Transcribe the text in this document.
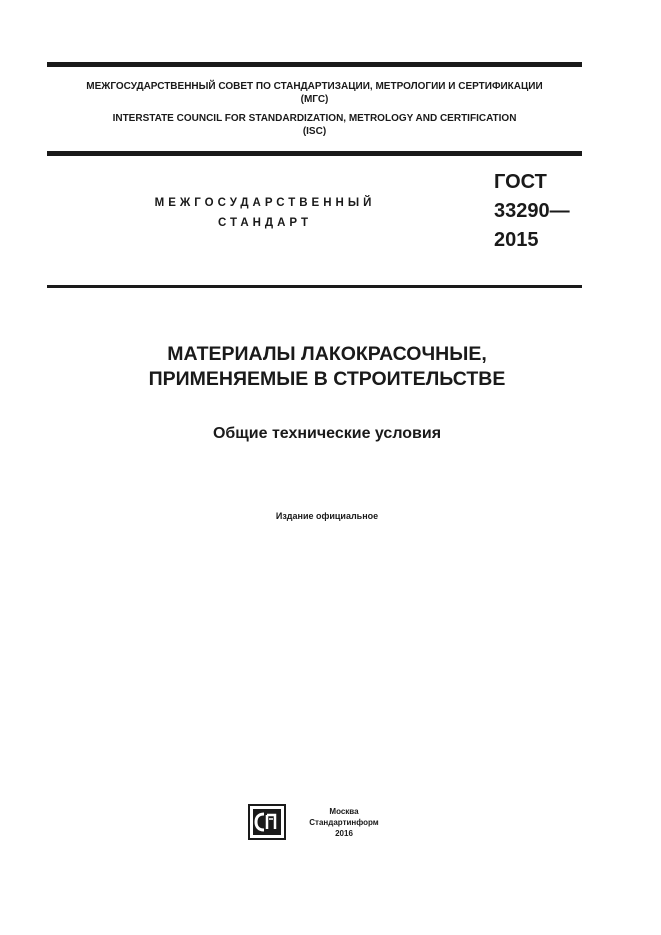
МЕЖГОСУДАРСТВЕННЫЙ СОВЕТ ПО СТАНДАРТИЗАЦИИ, МЕТРОЛОГИИ И СЕРТИФИКАЦИИ
(МГС)
INTERSTATE COUNCIL FOR STANDARDIZATION, METROLOGY AND CERTIFICATION
(ISC)
МЕЖГОСУДАРСТВЕННЫЙ
СТАНДАРТ
ГОСТ
33290—
2015
МАТЕРИАЛЫ ЛАКОКРАСОЧНЫЕ,
ПРИМЕНЯЕМЫЕ В СТРОИТЕЛЬСТВЕ
Общие технические условия
Издание официальное
Москва
Стандартинформ
2016
